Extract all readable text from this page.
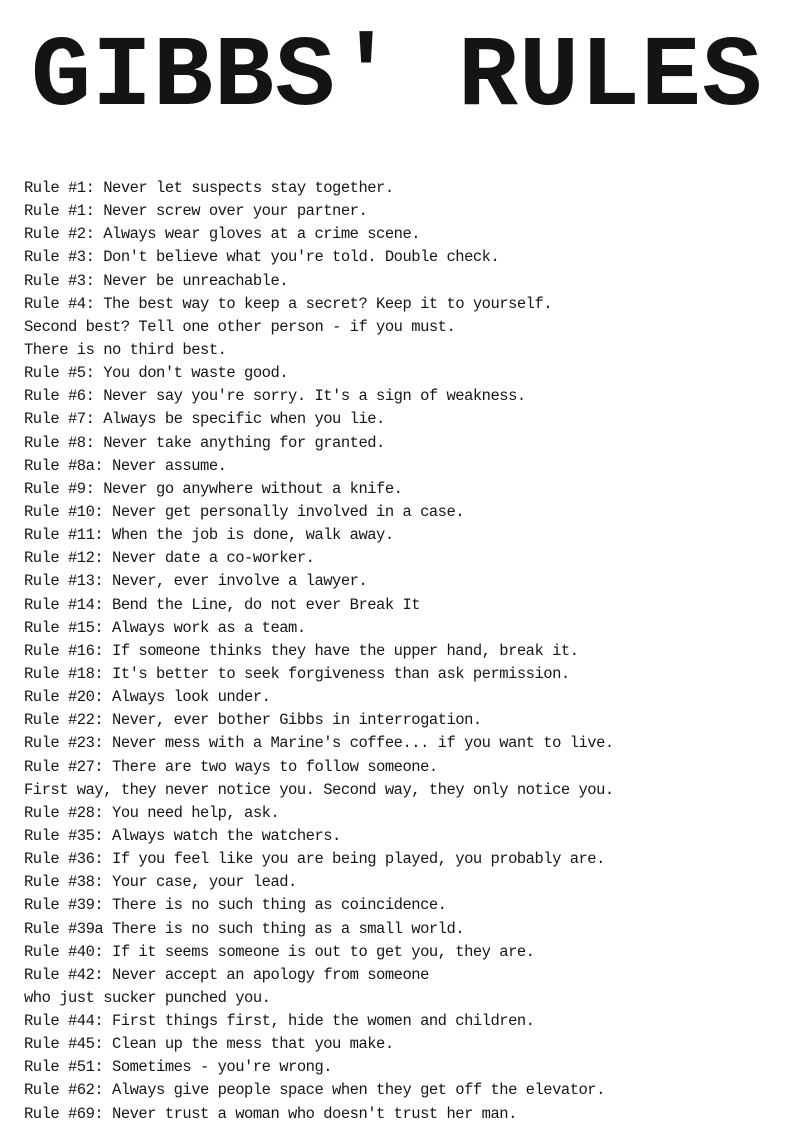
GIBBS' RULES
Rule #1: Never let suspects stay together.
Rule #1: Never screw over your partner.
Rule #2: Always wear gloves at a crime scene.
Rule #3: Don't believe what you're told. Double check.
Rule #3: Never be unreachable.
Rule #4: The best way to keep a secret? Keep it to yourself.
Second best? Tell one other person - if you must.
There is no third best.
Rule #5: You don't waste good.
Rule #6: Never say you're sorry. It's a sign of weakness.
Rule #7: Always be specific when you lie.
Rule #8: Never take anything for granted.
Rule #8a: Never assume.
Rule #9: Never go anywhere without a knife.
Rule #10: Never get personally involved in a case.
Rule #11: When the job is done, walk away.
Rule #12: Never date a co-worker.
Rule #13: Never, ever involve a lawyer.
Rule #14: Bend the Line, do not ever Break It
Rule #15: Always work as a team.
Rule #16: If someone thinks they have the upper hand, break it.
Rule #18: It's better to seek forgiveness than ask permission.
Rule #20: Always look under.
Rule #22: Never, ever bother Gibbs in interrogation.
Rule #23: Never mess with a Marine's coffee... if you want to live.
Rule #27: There are two ways to follow someone.
First way, they never notice you. Second way, they only notice you.
Rule #28: You need help, ask.
Rule #35: Always watch the watchers.
Rule #36: If you feel like you are being played, you probably are.
Rule #38: Your case, your lead.
Rule #39: There is no such thing as coincidence.
Rule #39a There is no such thing as a small world.
Rule #40: If it seems someone is out to get you, they are.
Rule #42: Never accept an apology from someone
who just sucker punched you.
Rule #44: First things first, hide the women and children.
Rule #45: Clean up the mess that you make.
Rule #51: Sometimes - you're wrong.
Rule #62: Always give people space when they get off the elevator.
Rule #69: Never trust a woman who doesn't trust her man.
